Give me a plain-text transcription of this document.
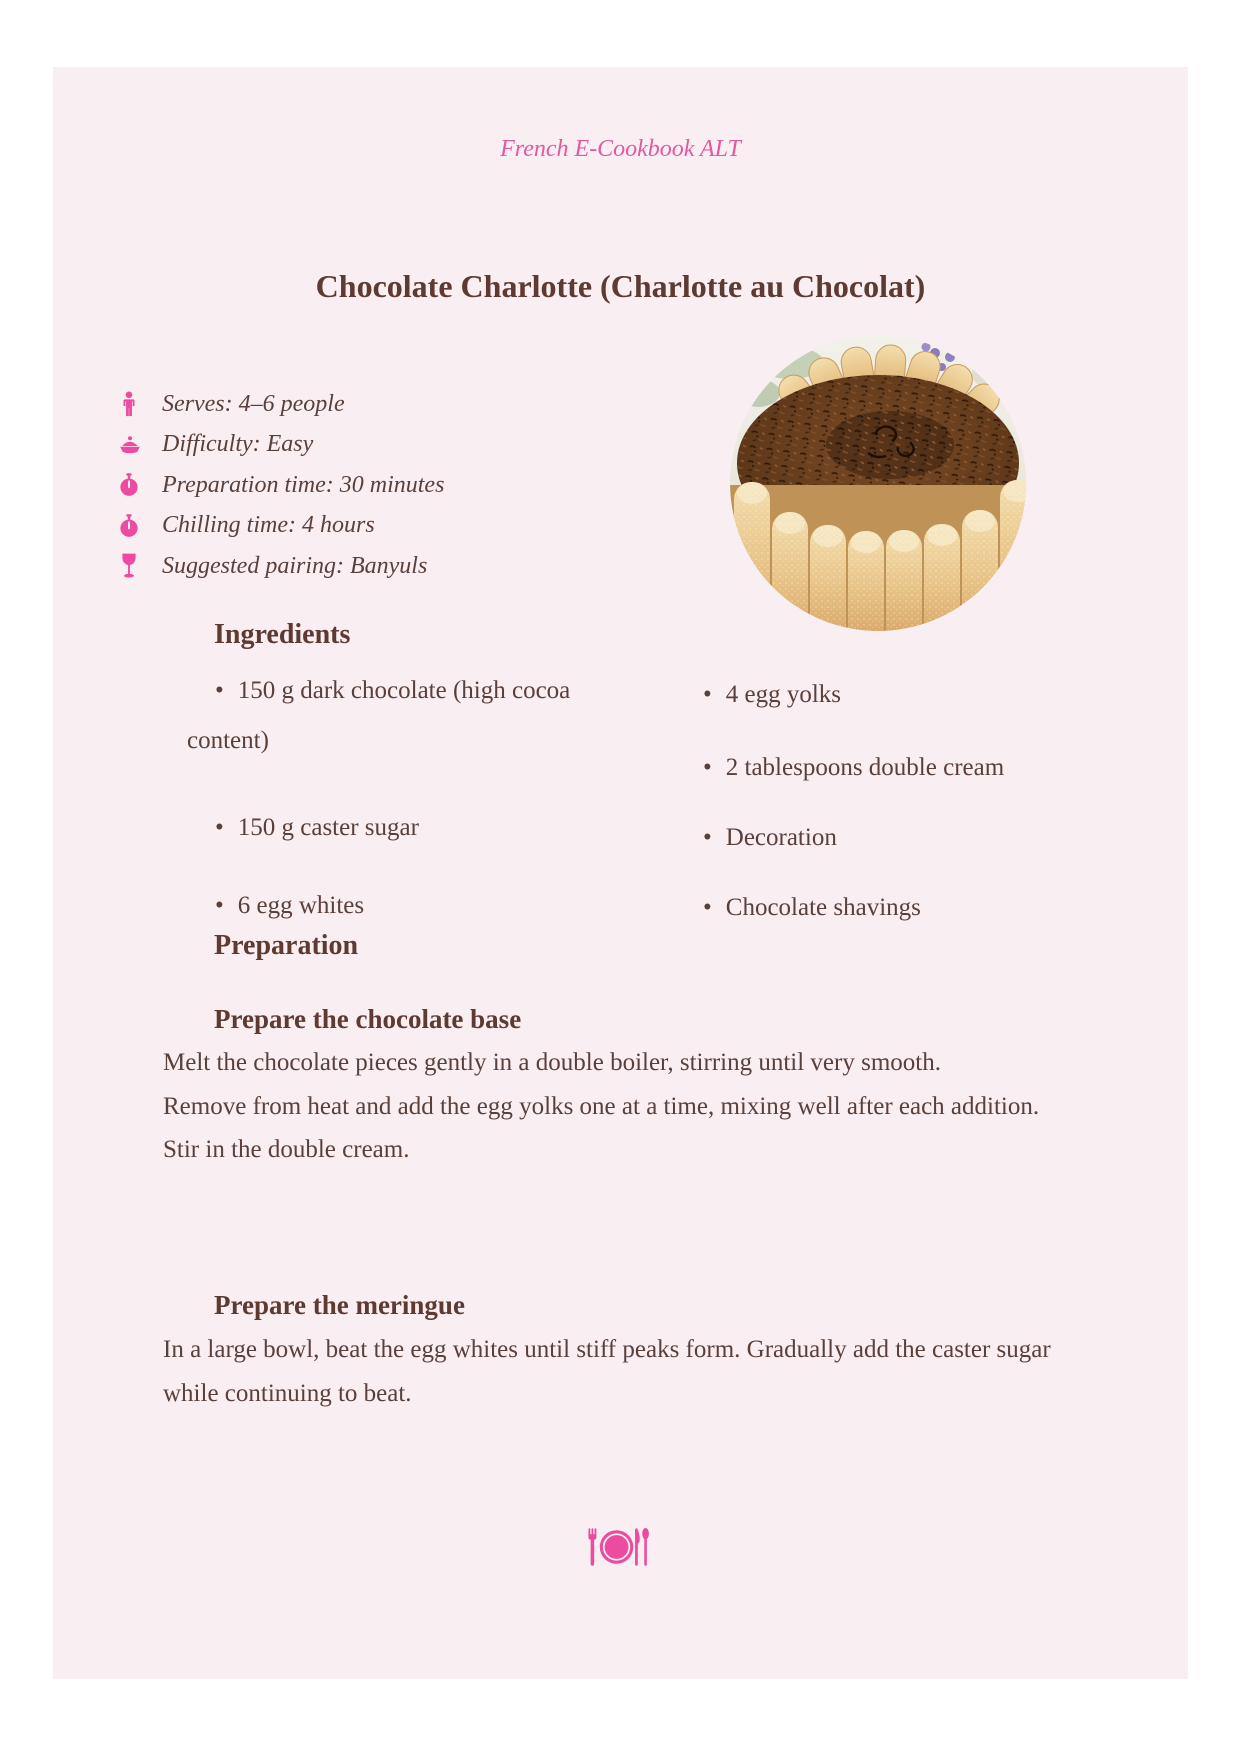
French E-Cookbook ALT
Chocolate Charlotte (Charlotte au Chocolat)
Serves: 4–6 people
Difficulty: Easy
Preparation time: 30 minutes
Chilling time: 4 hours
Suggested pairing: Banyuls
Ingredients

• 150 g dark chocolate (high cocoa content)

• 150 g caster sugar

• 6 egg whites

• 4 egg yolks

• 2 tablespoons double cream

• Decoration

• Chocolate shavings

Preparation
Prepare the chocolate base

Melt the chocolate pieces gently in a double boiler, stirring until very smooth.

Remove from heat and add the egg yolks one at a time, mixing well after each addition.

Stir in the double cream.

Prepare the meringue

In a large bowl, beat the egg whites until stiff peaks form. Gradually add the caster sugar while continuing to beat.
